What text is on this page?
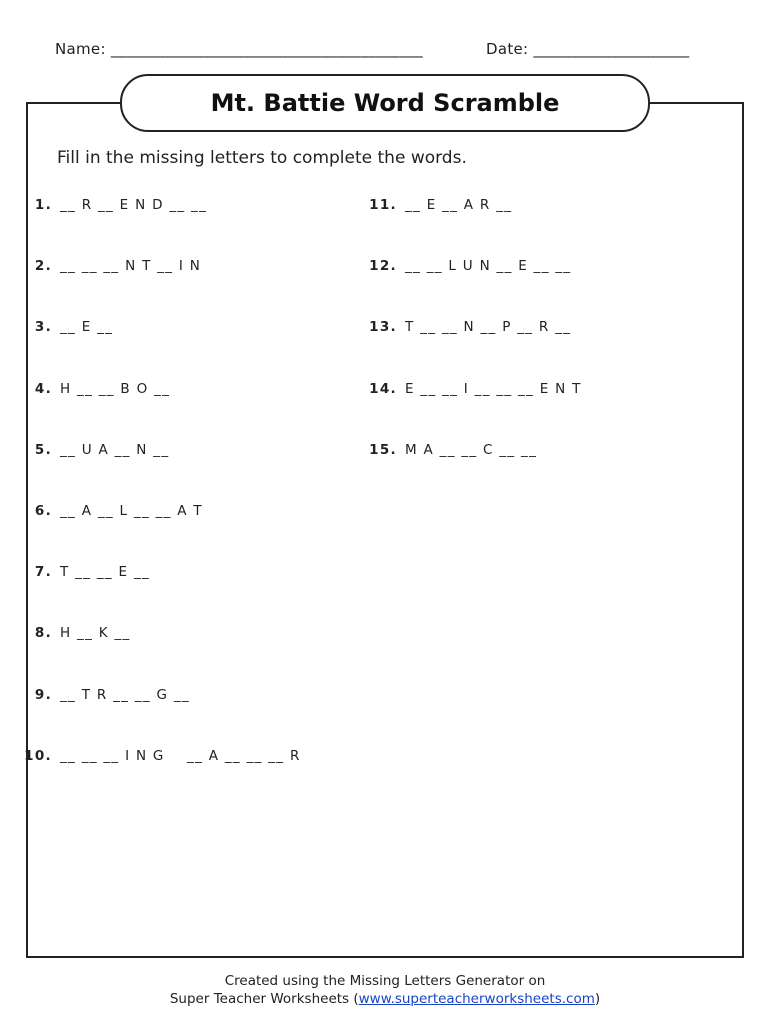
Name: ________________________________________	Date: ____________________
Mt. Battie Word Scramble
Fill in the missing letters to complete the words.
1. __ R __ E N D __ __
2. __ __ __ N T __ I N
3. __ E __
4. H __ __ B O __
5. __ U A __ N __
6. __ A __ L __ __ A T
7. T __ __ E __
8. H __ K __
9. __ T R __ __ G __
10. __ __ __ I N G    __ A __ __ __ R
11. __ E __ A R __
12. __ __ L U N __ E __ __
13. T __ __ N __ P __ R __
14. E __ __ I __ __ __ E N T
15. M A __ __ C __ __
Created using the Missing Letters Generator on
Super Teacher Worksheets (www.superteacherworksheets.com)
